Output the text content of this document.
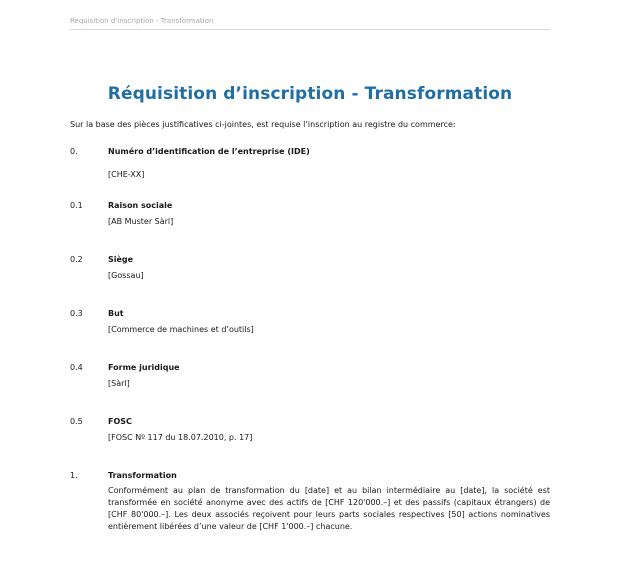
Réquisition d'inscription - Transformation
Réquisition d’inscription - Transformation
Sur la base des pièces justificatives ci-jointes, est requise l’inscription au registre du commerce:
0.	Numéro d’identification de l’entreprise (IDE)
[CHE-XX]
0.1	Raison sociale
[AB Muster Sàrl]
0.2	Siège
[Gossau]
0.3	But
[Commerce de machines et d’outils]
0.4	Forme juridique
[Sàrl]
0.5	FOSC
[FOSC Nº 117 du 18.07.2010, p. 17]
1.	Transformation
Conformément au plan de transformation du [date] et au bilan intermédiaire au [date], la société est transformée en société anonyme avec des actifs de [CHF 120'000.–] et des passifs (capitaux étrangers) de [CHF 80'000.–]. Les deux associés reçoivent pour leurs parts sociales respectives [50] actions nominatives entièrement libérées d’une valeur de [CHF 1'000.–] chacune.
